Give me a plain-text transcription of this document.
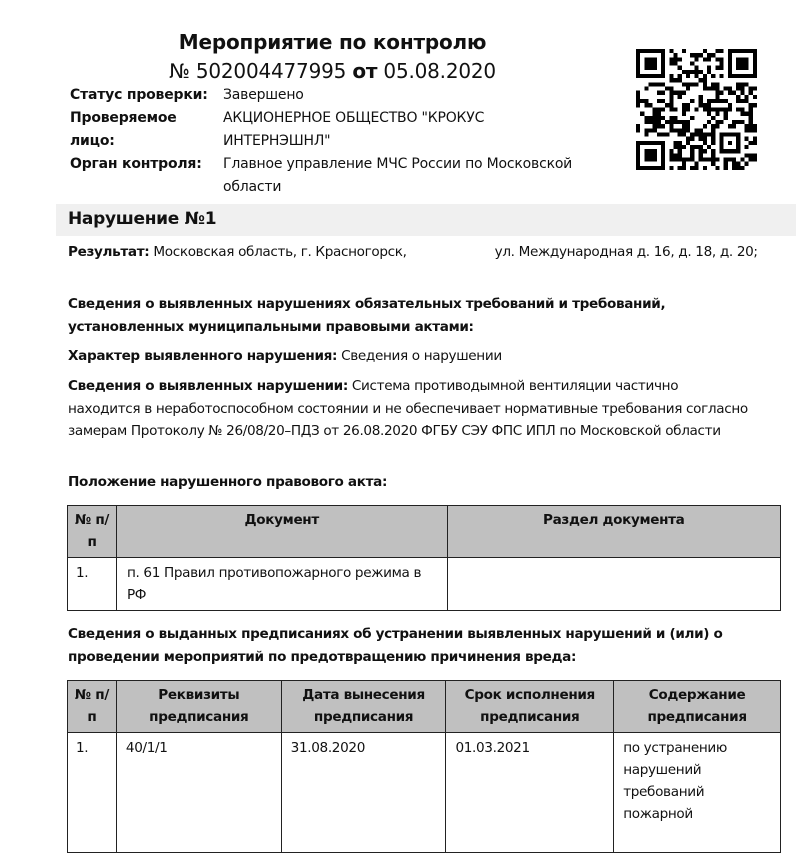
Мероприятие по контролю
№ 502004477995 от 05.08.2020
Статус проверки:	Завершено
Проверяемое лицо:
АКЦИОНЕРНОЕ ОБЩЕСТВО "КРОКУС ИНТЕРНЭШНЛ"
Орган контроля:	Главное управление МЧС России по Московской области
Нарушение №1
Результат: Московская область, г. Красногорск,	ул. Международная д. 16, д. 18, д. 20;
Сведения о выявленных нарушениях обязательных требований и требований, установленных муниципальными правовыми актами:
Характер выявленного нарушения: Сведения о нарушении
Сведения о выявленных нарушении: Система противодымной вентиляции частично находится в неработоспособном состоянии и не обеспечивает нормативные требования согласно замерам Протоколу № 26/08/20–ПДЗ от 26.08.2020 ФГБУ СЭУ ФПС ИПЛ по Московской области
Положение нарушенного правового акта:
№ п/п	Документ	Раздел документа
1.	п. 61 Правил противопожарного режима в РФ	
Сведения о выданных предписаниях об устранении выявленных нарушений и (или) о проведении мероприятий по предотвращению причинения вреда:
№ п/п	Реквизиты предписания	Дата вынесения предписания	Срок исполнения предписания	Содержание предписания
1.	40/1/1	31.08.2020	01.03.2021	по устранению нарушений требований пожарной
